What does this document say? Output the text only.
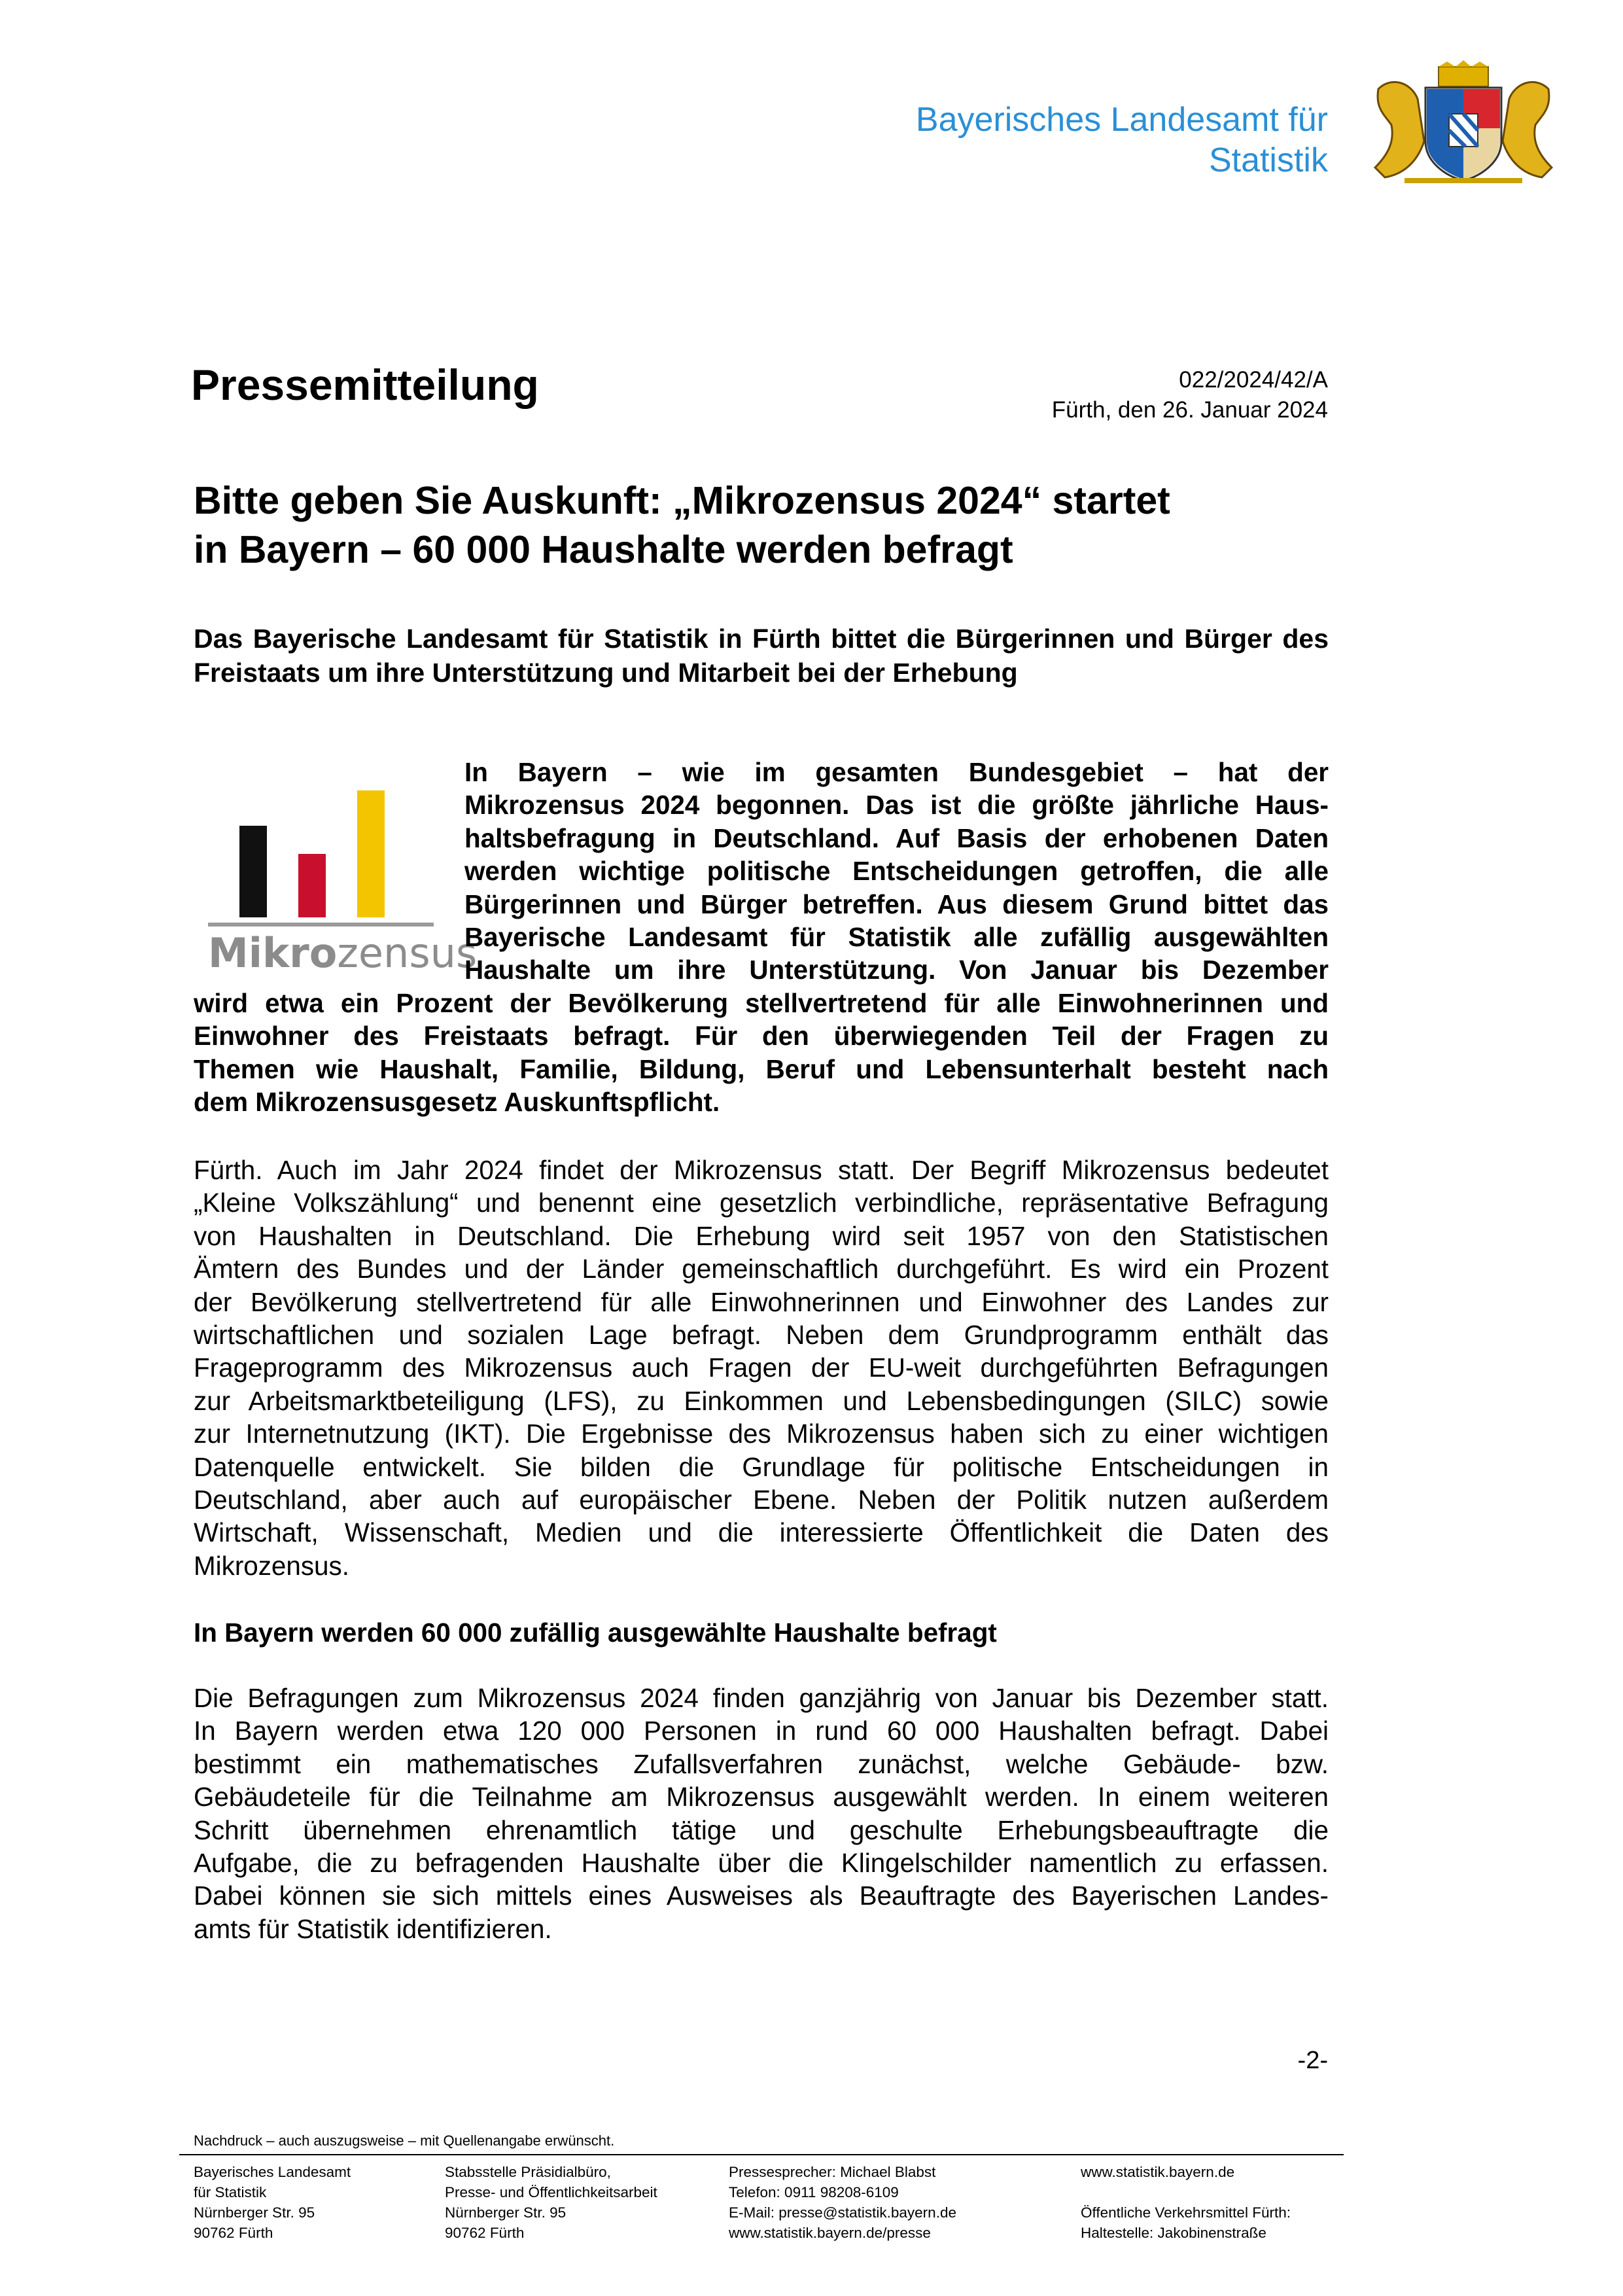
Bayerisches Landesamt für
Statistik
Pressemitteilung	022/2024/42/A
Fürth, den 26. Januar 2024
Bitte geben Sie Auskunft: „Mikrozensus 2024“ startet
in Bayern – 60 000 Haushalte werden befragt
Das Bayerische Landesamt für Statistik in Fürth bittet die Bürgerinnen und Bürger des Freistaats um ihre Unterstützung und Mitarbeit bei der Erhebung
Mikrozensus
In Bayern – wie im gesamten Bundesgebiet – hat der
Mikrozensus 2024 begonnen. Das ist die größte jährliche Haus-
haltsbefragung in Deutschland. Auf Basis der erhobenen Daten
werden wichtige politische Entscheidungen getroffen, die alle
Bürgerinnen und Bürger betreffen. Aus diesem Grund bittet das
Bayerische Landesamt für Statistik alle zufällig ausgewählten
Haushalte um ihre Unterstützung. Von Januar bis Dezember
wird etwa ein Prozent der Bevölkerung stellvertretend für alle Einwohnerinnen und
Einwohner des Freistaats befragt. Für den überwiegenden Teil der Fragen zu
Themen wie Haushalt, Familie, Bildung, Beruf und Lebensunterhalt besteht nach
dem Mikrozensusgesetz Auskunftspflicht.
Fürth. Auch im Jahr 2024 findet der Mikrozensus statt. Der Begriff Mikrozensus bedeutet
„Kleine Volkszählung“ und benennt eine gesetzlich verbindliche, repräsentative Befragung
von Haushalten in Deutschland. Die Erhebung wird seit 1957 von den Statistischen
Ämtern des Bundes und der Länder gemeinschaftlich durchgeführt. Es wird ein Prozent
der Bevölkerung stellvertretend für alle Einwohnerinnen und Einwohner des Landes zur
wirtschaftlichen und sozialen Lage befragt. Neben dem Grundprogramm enthält das
Frageprogramm des Mikrozensus auch Fragen der EU-weit durchgeführten Befragungen
zur Arbeitsmarktbeteiligung (LFS), zu Einkommen und Lebensbedingungen (SILC) sowie
zur Internetnutzung (IKT). Die Ergebnisse des Mikrozensus haben sich zu einer wichtigen
Datenquelle entwickelt. Sie bilden die Grundlage für politische Entscheidungen in
Deutschland, aber auch auf europäischer Ebene. Neben der Politik nutzen außerdem
Wirtschaft, Wissenschaft, Medien und die interessierte Öffentlichkeit die Daten des
Mikrozensus.
In Bayern werden 60 000 zufällig ausgewählte Haushalte befragt
Die Befragungen zum Mikrozensus 2024 finden ganzjährig von Januar bis Dezember statt.
In Bayern werden etwa 120 000 Personen in rund 60 000 Haushalten befragt. Dabei
bestimmt ein mathematisches Zufallsverfahren zunächst, welche Gebäude- bzw.
Gebäudeteile für die Teilnahme am Mikrozensus ausgewählt werden. In einem weiteren
Schritt übernehmen ehrenamtlich tätige und geschulte Erhebungsbeauftragte die
Aufgabe, die zu befragenden Haushalte über die Klingelschilder namentlich zu erfassen.
Dabei können sie sich mittels eines Ausweises als Beauftragte des Bayerischen Landes-
amts für Statistik identifizieren.
-2-
Nachdruck – auch auszugsweise – mit Quellenangabe erwünscht.
Bayerisches Landesamt
für Statistik
Nürnberger Str. 95
90762 Fürth
Stabsstelle Präsidialbüro,
Presse- und Öffentlichkeitsarbeit
Nürnberger Str. 95
90762 Fürth
Pressesprecher: Michael Blabst
Telefon: 0911 98208-6109
E-Mail: presse@statistik.bayern.de
www.statistik.bayern.de/presse
www.statistik.bayern.de

Öffentliche Verkehrsmittel Fürth:
Haltestelle: Jakobinenstraße
